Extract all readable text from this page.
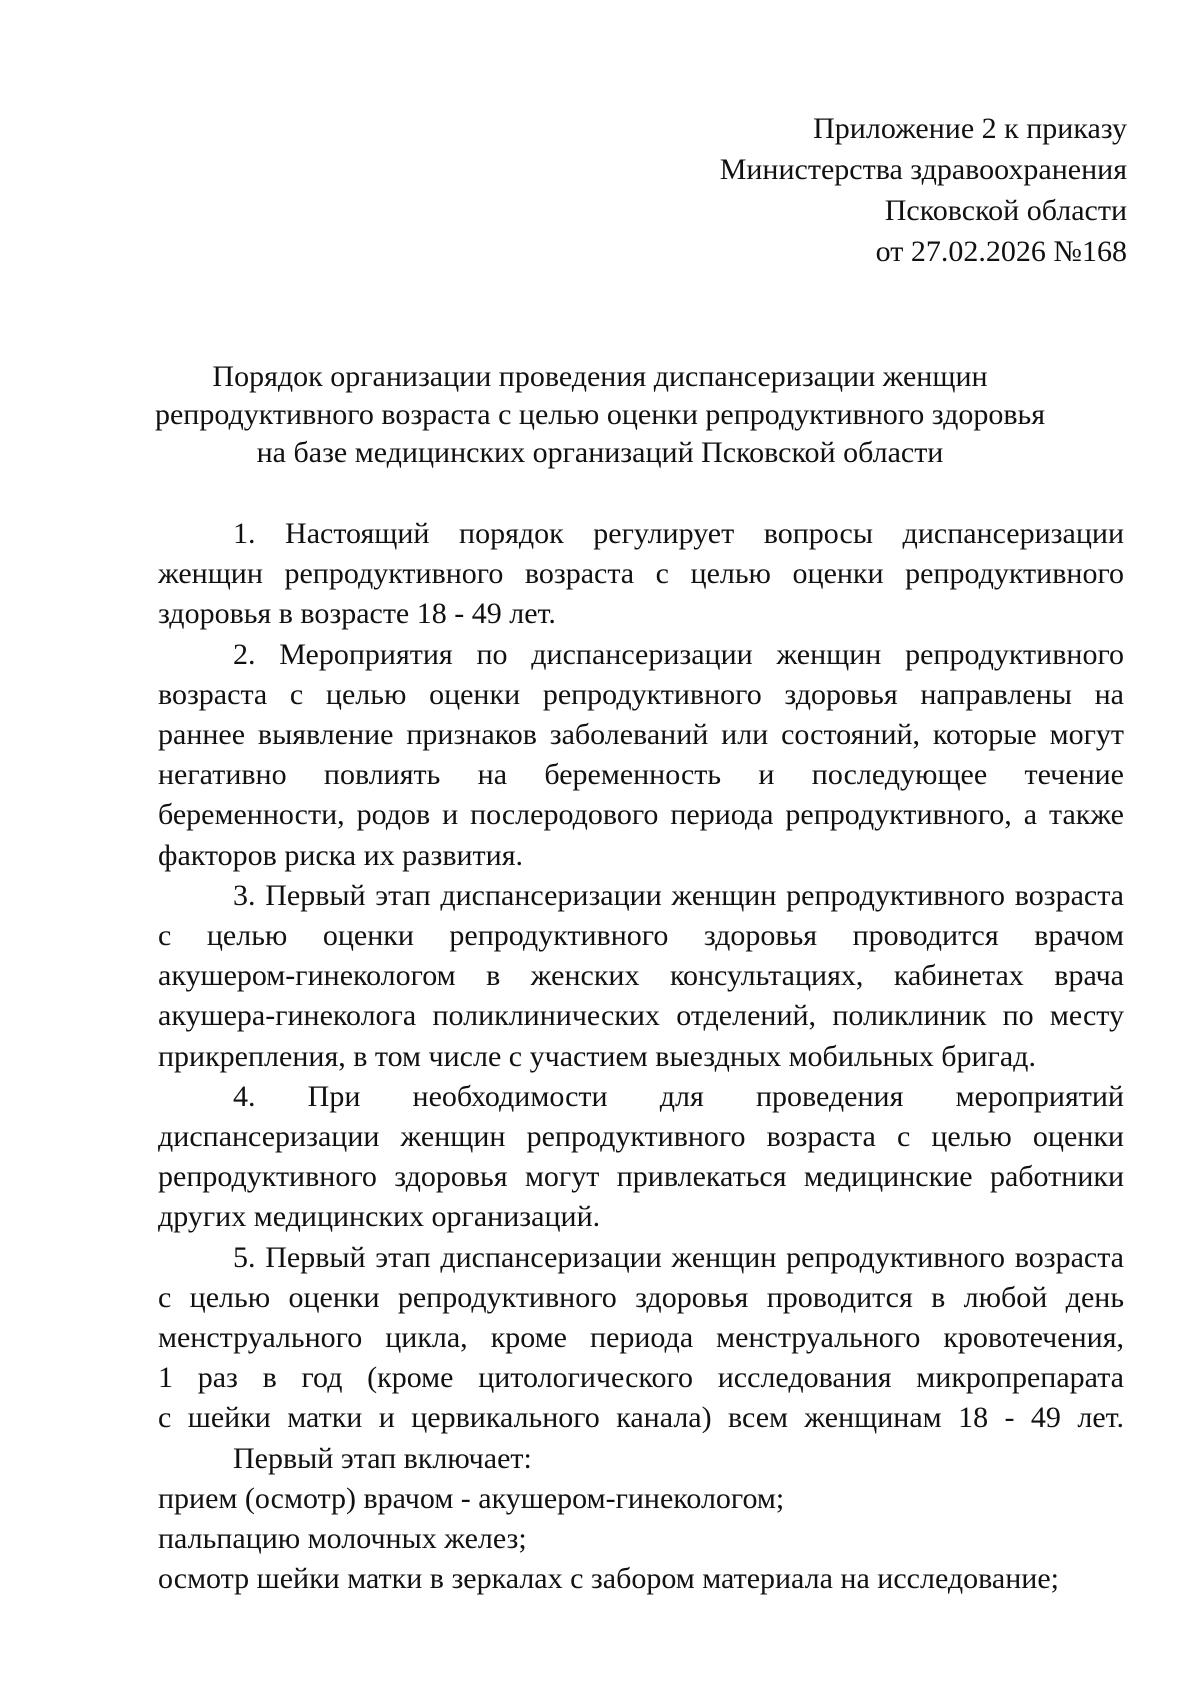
Приложение 2 к приказу
Министерства здравоохранения
Псковской области
от 27.02.2026 №168
Порядок организации проведения диспансеризации женщин
репродуктивного возраста с целью оценки репродуктивного здоровья
на базе медицинских организаций Псковской области
1. Настоящий порядок регулирует вопросы диспансеризации
женщин репродуктивного возраста с целью оценки репродуктивного
здоровья в возрасте 18 - 49 лет.
2. Мероприятия по диспансеризации женщин репродуктивного
возраста с целью оценки репродуктивного здоровья направлены на
раннее выявление признаков заболеваний или состояний, которые могут
негативно повлиять на беременность и последующее течение
беременности, родов и послеродового периода репродуктивного, а также
факторов риска их развития.
3. Первый этап диспансеризации женщин репродуктивного возраста
с целью оценки репродуктивного здоровья проводится врачом
акушером-гинекологом в женских консультациях, кабинетах врача
акушера-гинеколога поликлинических отделений, поликлиник по месту
прикрепления, в том числе с участием выездных мобильных бригад.
4. При необходимости для проведения мероприятий
диспансеризации женщин репродуктивного возраста с целью оценки
репродуктивного здоровья могут привлекаться медицинские работники
других медицинских организаций.
5. Первый этап диспансеризации женщин репродуктивного возраста
с целью оценки репродуктивного здоровья проводится в любой день
менструального цикла, кроме периода менструального кровотечения,
1 раз в год (кроме цитологического исследования микропрепарата
с шейки матки и цервикального канала) всем женщинам 18 - 49 лет.
Первый этап включает:
прием (осмотр) врачом - акушером-гинекологом;
пальпацию молочных желез;
осмотр шейки матки в зеркалах с забором материала на исследование;
